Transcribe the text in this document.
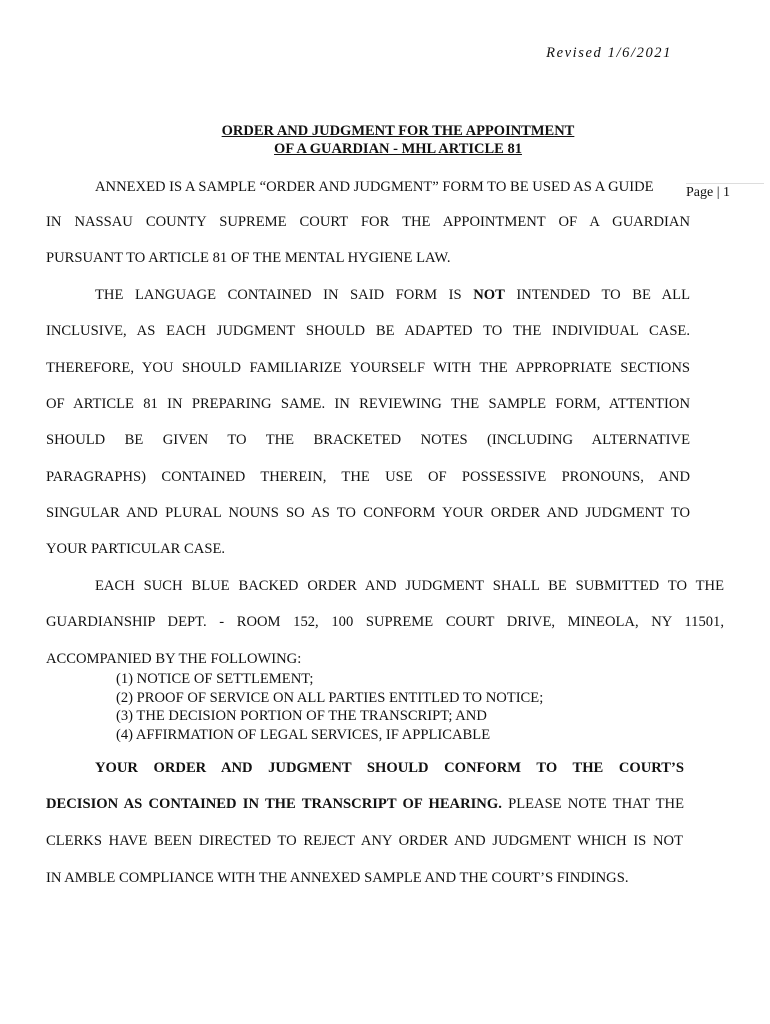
Revised 1/6/2021
ORDER AND JUDGMENT FOR THE APPOINTMENT
OF A GUARDIAN - MHL ARTICLE 81
Page | 1
ANNEXED IS A SAMPLE “ORDER AND JUDGMENT” FORM TO BE USED AS A GUIDE
IN NASSAU COUNTY SUPREME COURT FOR THE APPOINTMENT OF A GUARDIAN
PURSUANT TO ARTICLE 81 OF THE MENTAL HYGIENE LAW.
THE LANGUAGE CONTAINED IN SAID FORM IS NOT INTENDED TO BE ALL
INCLUSIVE, AS EACH JUDGMENT SHOULD BE ADAPTED TO THE INDIVIDUAL CASE.
THEREFORE, YOU SHOULD FAMILIARIZE YOURSELF WITH THE APPROPRIATE SECTIONS
OF ARTICLE 81 IN PREPARING SAME. IN REVIEWING THE SAMPLE FORM, ATTENTION
SHOULD BE GIVEN TO THE BRACKETED NOTES (INCLUDING ALTERNATIVE
PARAGRAPHS) CONTAINED THEREIN, THE USE OF POSSESSIVE PRONOUNS, AND
SINGULAR AND PLURAL NOUNS SO AS TO CONFORM YOUR ORDER AND JUDGMENT TO
YOUR PARTICULAR CASE.
EACH SUCH BLUE BACKED ORDER AND JUDGMENT SHALL BE SUBMITTED TO THE
GUARDIANSHIP DEPT. - ROOM 152, 100 SUPREME COURT DRIVE, MINEOLA, NY 11501,
ACCOMPANIED BY THE FOLLOWING:
(1) NOTICE OF SETTLEMENT;
(2) PROOF OF SERVICE ON ALL PARTIES ENTITLED TO NOTICE;
(3) THE DECISION PORTION OF THE TRANSCRIPT; AND
(4) AFFIRMATION OF LEGAL SERVICES, IF APPLICABLE
YOUR ORDER AND JUDGMENT SHOULD CONFORM TO THE COURT’S
DECISION AS CONTAINED IN THE TRANSCRIPT OF HEARING. PLEASE NOTE THAT THE
CLERKS HAVE BEEN DIRECTED TO REJECT ANY ORDER AND JUDGMENT WHICH IS NOT
IN AMBLE COMPLIANCE WITH THE ANNEXED SAMPLE AND THE COURT’S FINDINGS.
